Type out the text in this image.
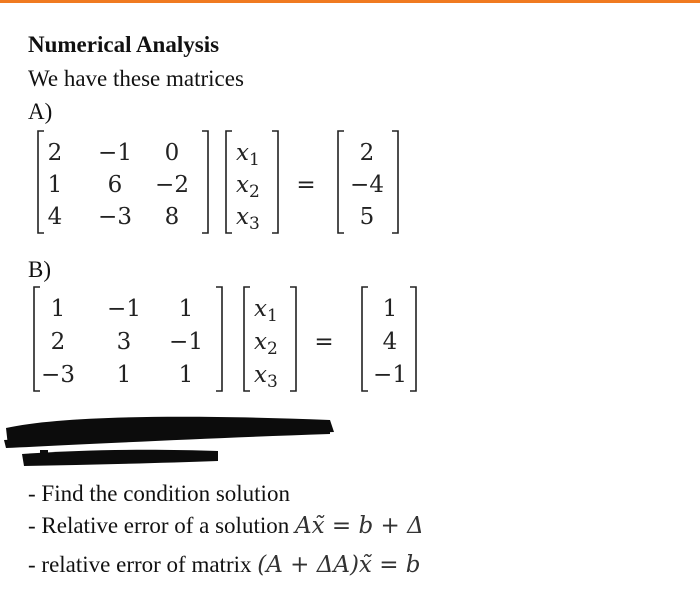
Numerical Analysis
We have these matrices
A)
2 −1 0
1 6 −2
4 −3 8
$x_1$
$x_2$
$x_3$
=
2
−4
5
B)
1 −1 1
2 3 −1
−3 1 1
$x_1$
$x_2$
$x_3$
=
1
4
−1
- Find the condition solution
- Relative error of a solution Ax̃ = b + Δ
- relative error of matrix (A + ΔA)x̃ = b
